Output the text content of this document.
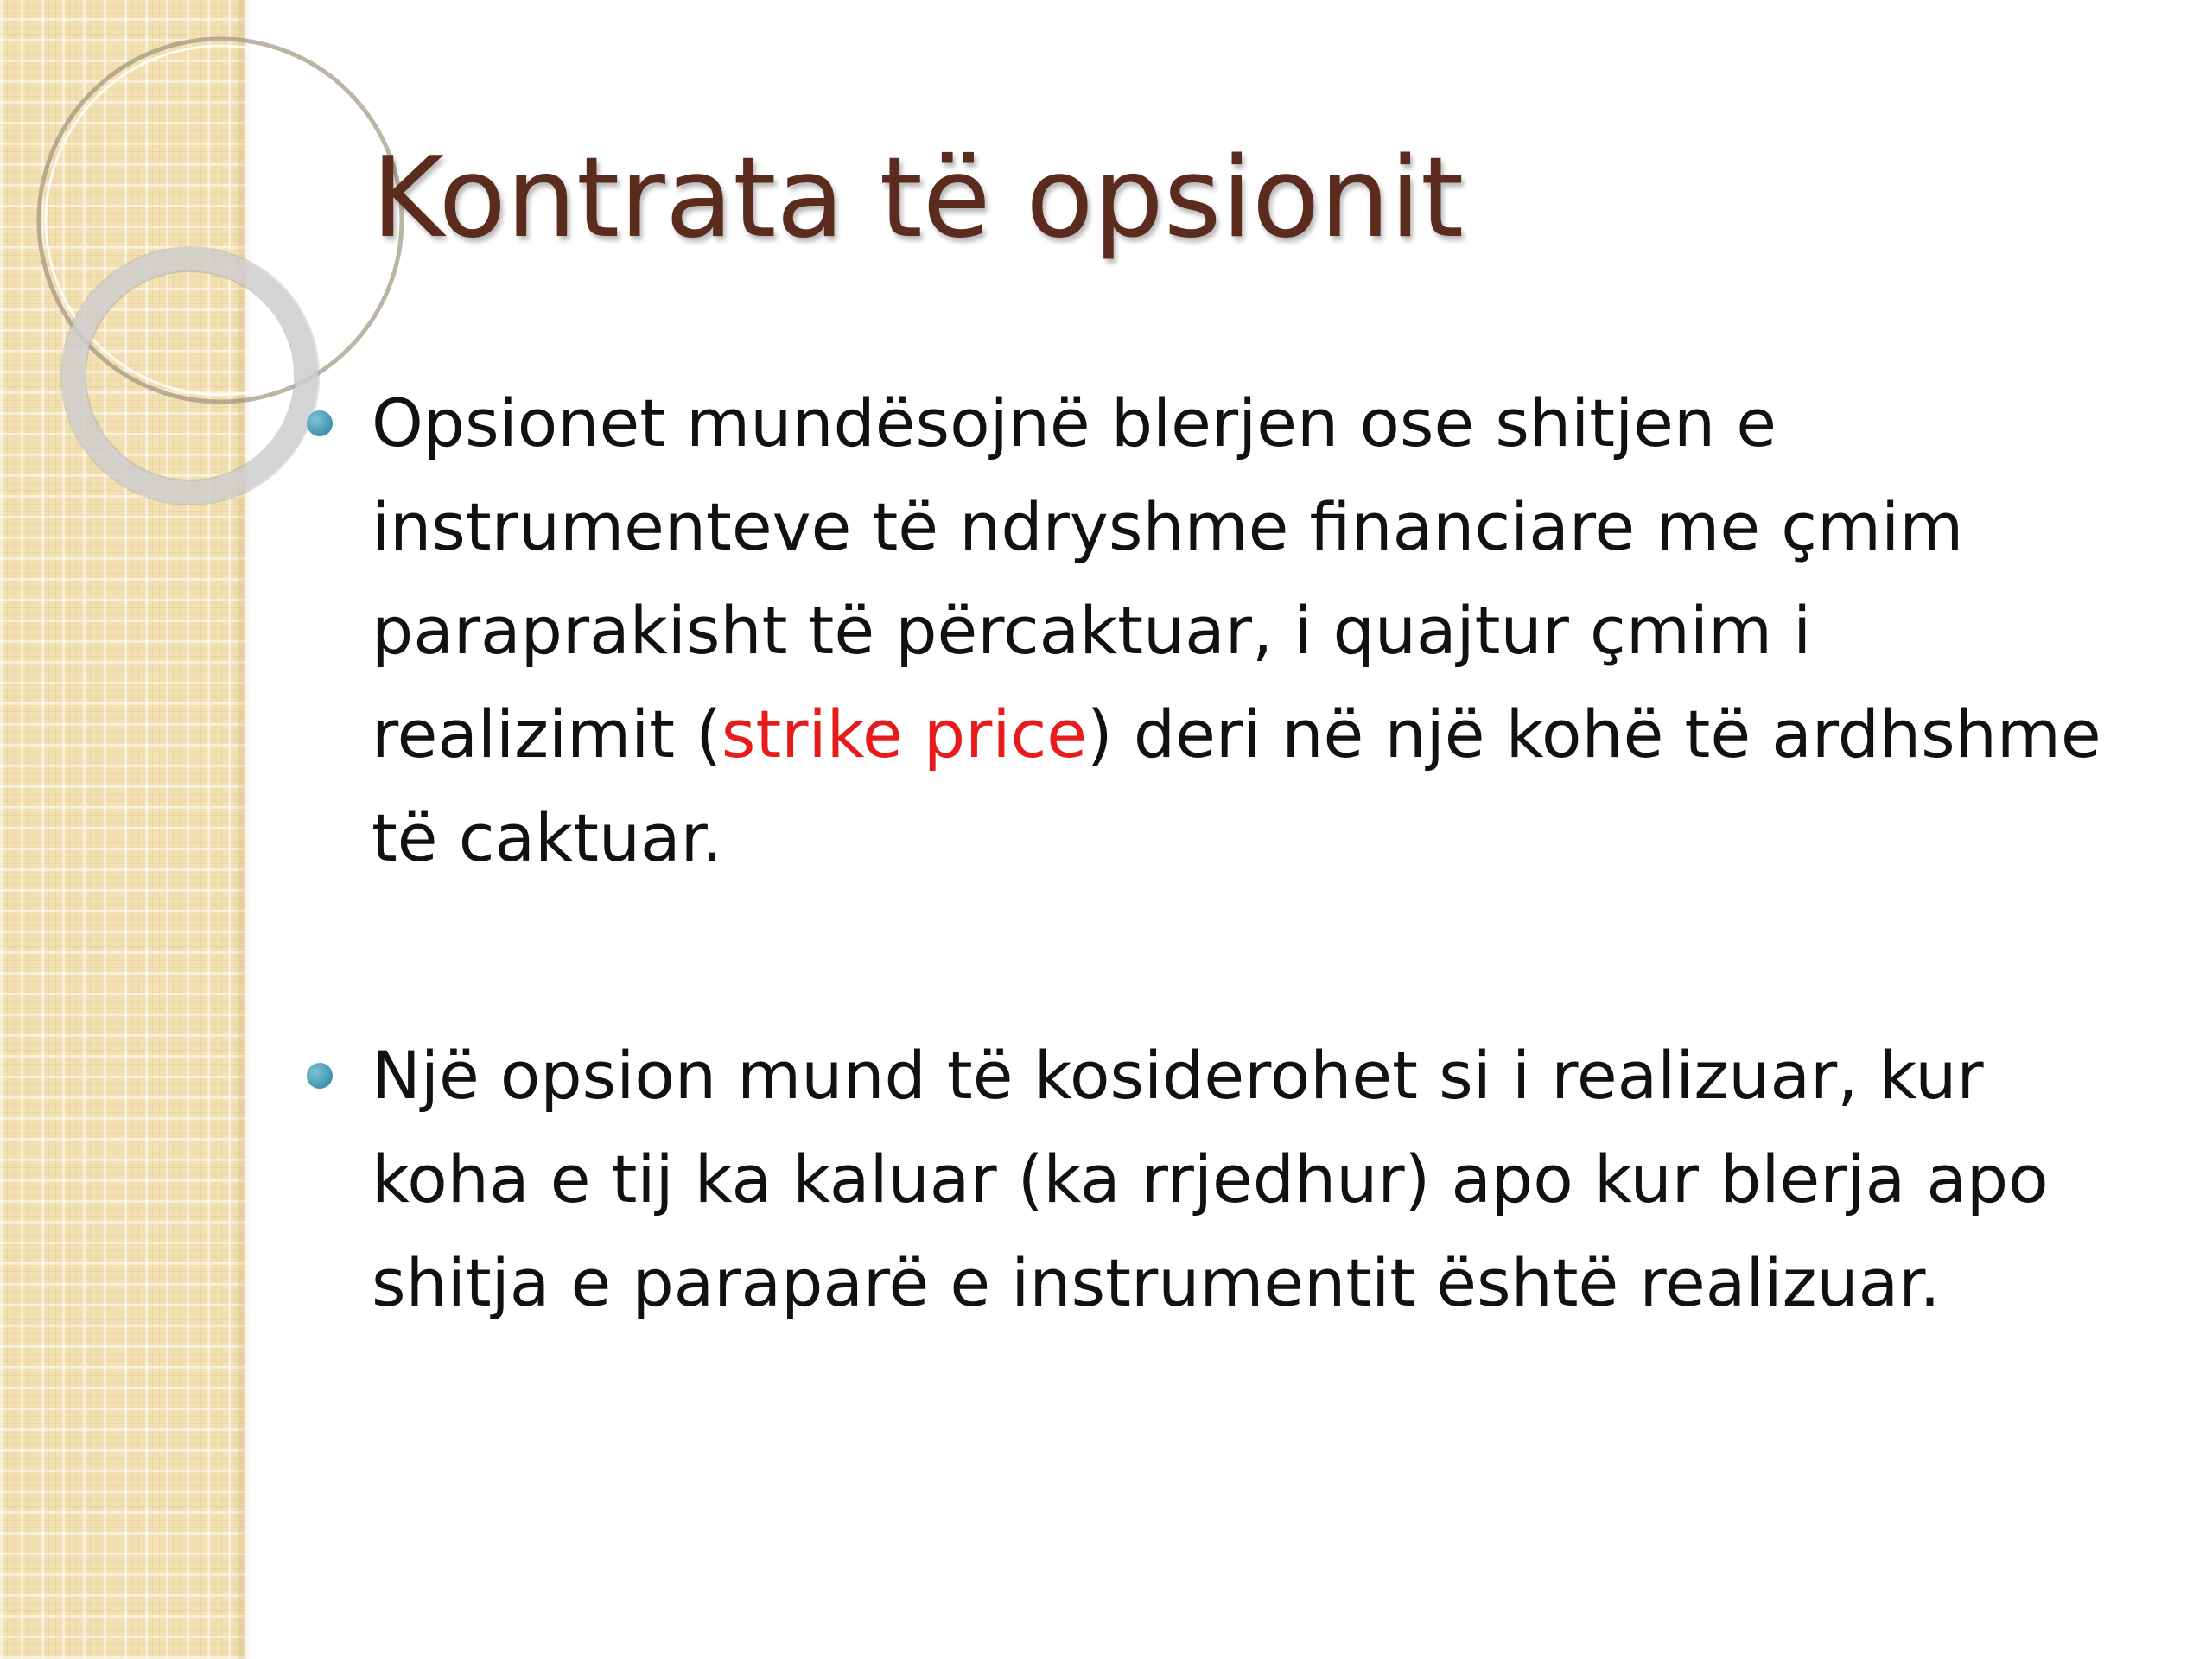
Kontrata të opsionit
Opsionet mundësojnë blerjen ose shitjen e instrumenteve të ndryshme financiare me çmim paraprakisht të përcaktuar, i quajtur çmim i realizimit (strike price) deri në një kohë të ardhshme të caktuar.
Një opsion mund të kosiderohet si i realizuar, kur koha e tij ka kaluar (ka rrjedhur) apo kur blerja apo shitja e paraparë e instrumentit është realizuar.
